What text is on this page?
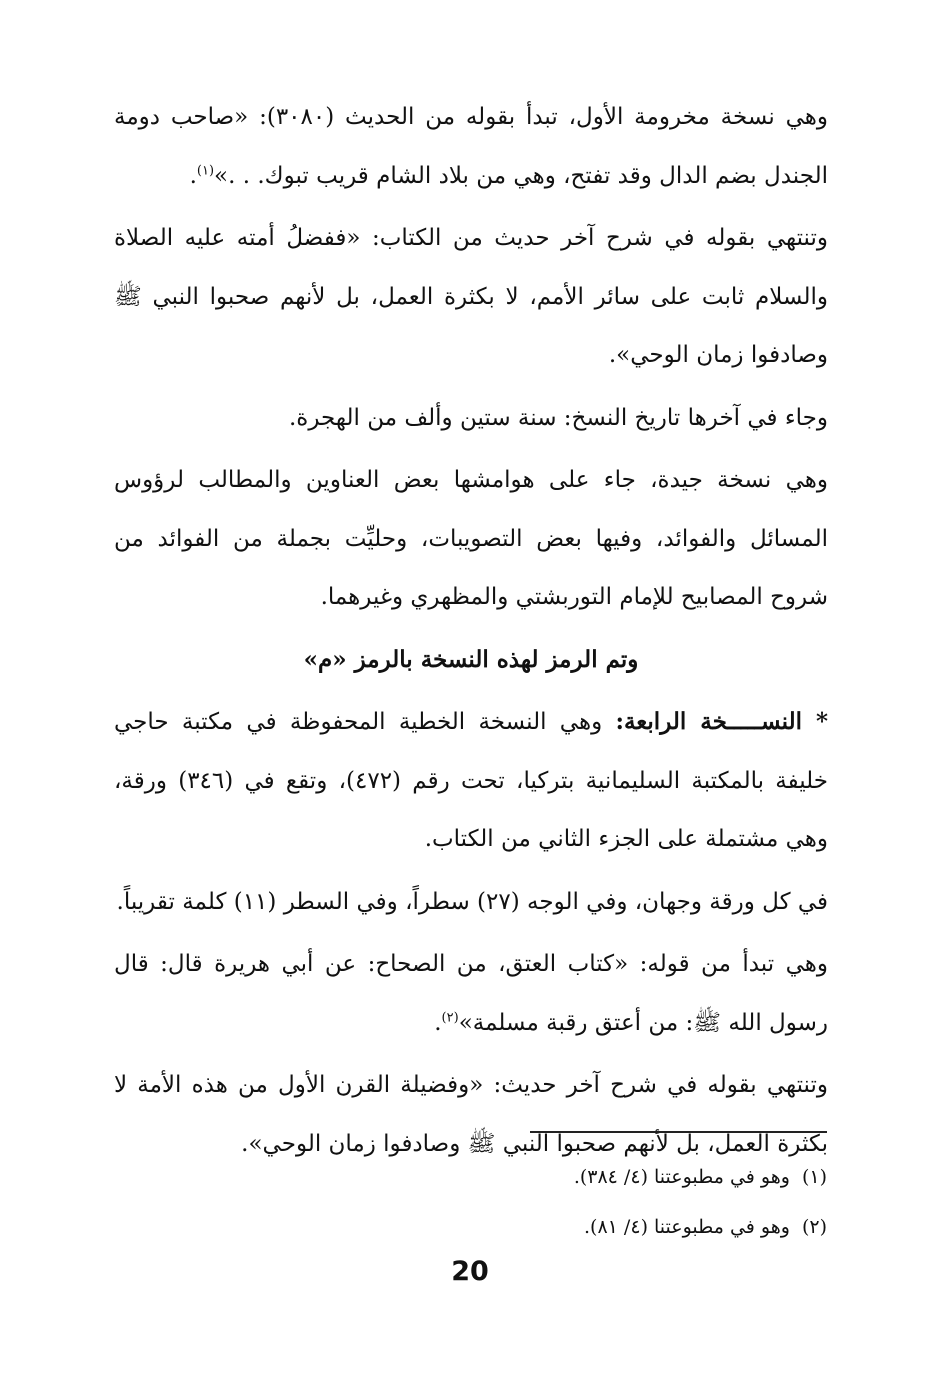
وهي نسخة مخرومة الأول، تبدأ بقوله من الحديث (٣٠٨٠): «صاحب دومة الجندل بضم الدال وقد تفتح، وهي من بلاد الشام قريب تبوك. . .»$^{(١)}$.

وتنتهي بقوله في شرح آخر حديث من الكتاب: «ففضلُ أمته عليه الصلاة والسلام ثابت على سائر الأمم، لا بكثرة العمل، بل لأنهم صحبوا النبي ﷺ وصادفوا زمان الوحي».

وجاء في آخرها تاريخ النسخ: سنة ستين وألف من الهجرة.

وهي نسخة جيدة، جاء على هوامشها بعض العناوين والمطالب لرؤوس المسائل والفوائد، وفيها بعض التصويبات، وحليِّت بجملة من الفوائد من شروح المصابيح للإمام التوربشتي والمظهري وغيرهما.

وتم الرمز لهذه النسخة بالرمز «م»

* النســـــخة الرابعة: وهي النسخة الخطية المحفوظة في مكتبة حاجي خليفة بالمكتبة السليمانية بتركيا، تحت رقم (٤٧٢)، وتقع في (٣٤٦) ورقة، وهي مشتملة على الجزء الثاني من الكتاب.

في كل ورقة وجهان، وفي الوجه (٢٧) سطراً، وفي السطر (١١) كلمة تقريباً.

وهي تبدأ من قوله: «كتاب العتق، من الصحاح: عن أبي هريرة قال: قال رسول الله ﷺ: من أعتق رقبة مسلمة»$^{(٢)}$.

وتنتهي بقوله في شرح آخر حديث: «وفضيلة القرن الأول من هذه الأمة لا بكثرة العمل، بل لأنهم صحبوا النبي ﷺ وصادفوا زمان الوحي».

(١)وهو في مطبوعتنا (٤/ ٣٨٤).
(٢)وهو في مطبوعتنا (٤/ ٨١).
20
